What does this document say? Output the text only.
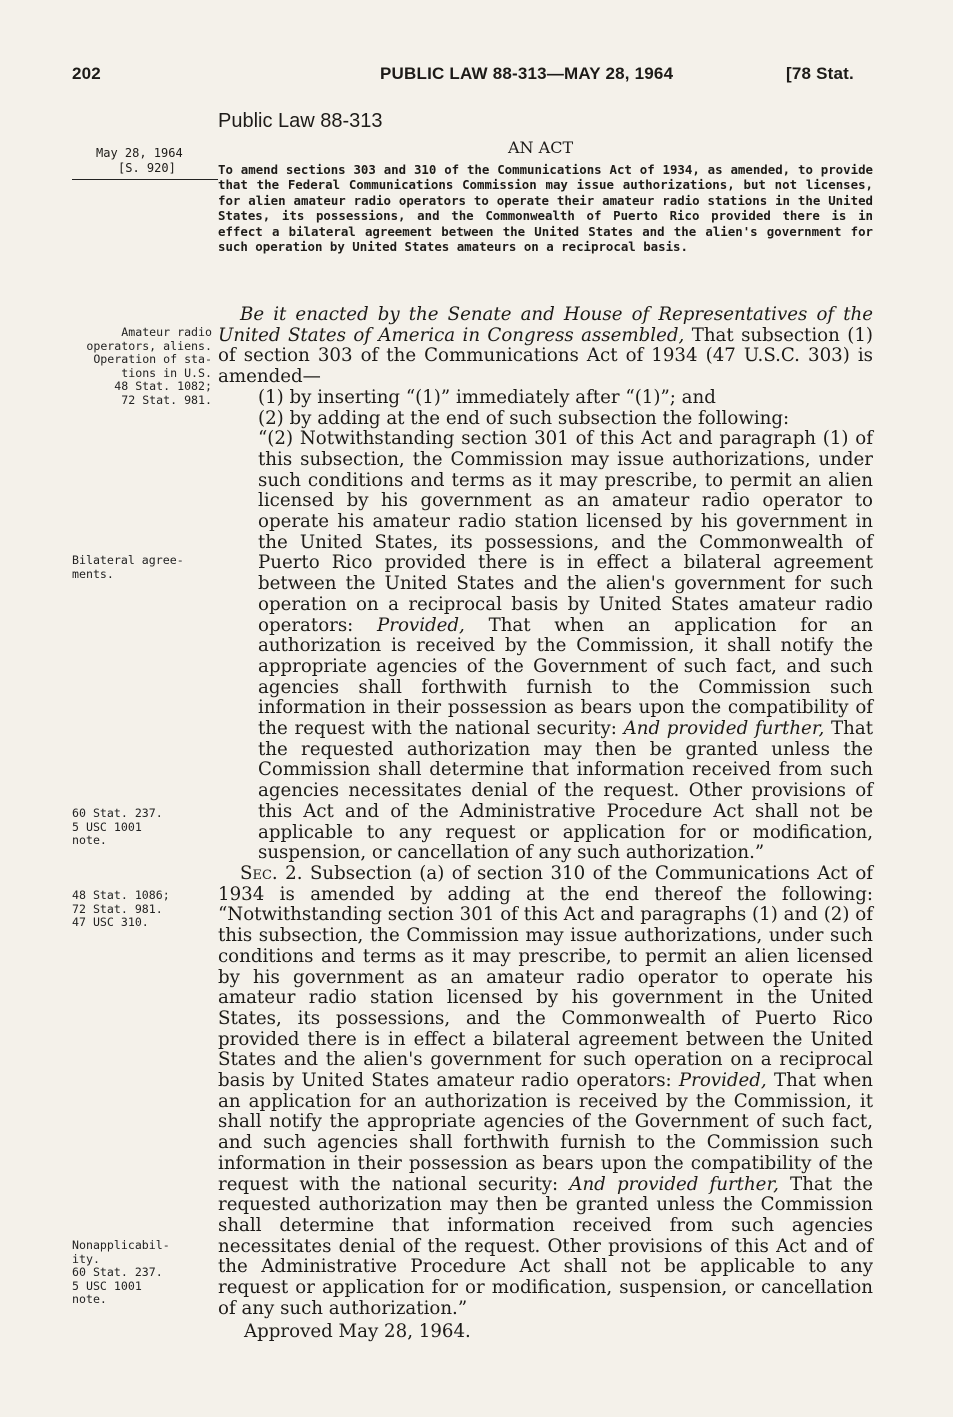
202	PUBLIC LAW 88-313—MAY 28, 1964	[78 Stat.
Public Law 88-313
AN ACT
May 28, 1964
[S. 920]	To amend sections 303 and 310 of the Communications Act of 1934, as amended, to provide that the Federal Communications Commission may issue authorizations, but not licenses, for alien amateur radio operators to operate their amateur radio stations in the United States, its possessions, and the Commonwealth of Puerto Rico provided there is in effect a bilateral agreement between the United States and the alien's government for such operation by United States amateurs on a reciprocal basis.
Amateur radio
operators, aliens.
Operation of sta-
tions in U.S.
48 Stat. 1082;
72 Stat. 981.
Bilateral agree-
ments.
60 Stat. 237.
5 USC 1001
note.
48 Stat. 1086;
72 Stat. 981.
47 USC 310.
Nonapplicabil-
ity.
60 Stat. 237.
5 USC 1001
note.

Be it enacted by the Senate and House of Representatives of the United States of America in Congress assembled, That subsection (1) of section 303 of the Communications Act of 1934 (47 U.S.C. 303) is amended—

(1) by inserting “(1)” immediately after “(1)”; and

(2) by adding at the end of such subsection the following:

“(2) Notwithstanding section 301 of this Act and paragraph (1) of this subsection, the Commission may issue authorizations, under such conditions and terms as it may prescribe, to permit an alien licensed by his government as an amateur radio operator to operate his amateur radio station licensed by his government in the United States, its possessions, and the Commonwealth of Puerto Rico provided there is in effect a bilateral agreement between the United States and the alien's government for such operation on a reciprocal basis by United States amateur radio operators: Provided, That when an application for an authorization is received by the Commission, it shall notify the appropriate agencies of the Government of such fact, and such agencies shall forthwith furnish to the Commission such information in their possession as bears upon the compatibility of the request with the national security: And provided further, That the requested authorization may then be granted unless the Commission shall determine that information received from such agencies necessitates denial of the request. Other provisions of this Act and of the Administrative Procedure Act shall not be applicable to any request or application for or modification, suspension, or cancellation of any such authorization.”

Sec. 2. Subsection (a) of section 310 of the Communications Act of 1934 is amended by adding at the end thereof the following: “Notwithstanding section 301 of this Act and paragraphs (1) and (2) of this subsection, the Commission may issue authorizations, under such conditions and terms as it may prescribe, to permit an alien licensed by his government as an amateur radio operator to operate his amateur radio station licensed by his government in the United States, its possessions, and the Commonwealth of Puerto Rico provided there is in effect a bilateral agreement between the United States and the alien's government for such operation on a reciprocal basis by United States amateur radio operators: Provided, That when an application for an authorization is received by the Commission, it shall notify the appropriate agencies of the Government of such fact, and such agencies shall forthwith furnish to the Commission such information in their possession as bears upon the compatibility of the request with the national security: And provided further, That the requested authorization may then be granted unless the Commission shall determine that information received from such agencies necessitates denial of the request. Other provisions of this Act and of the Administrative Procedure Act shall not be applicable to any request or application for or modification, suspension, or cancellation of any such authorization.”

Approved May 28, 1964.
